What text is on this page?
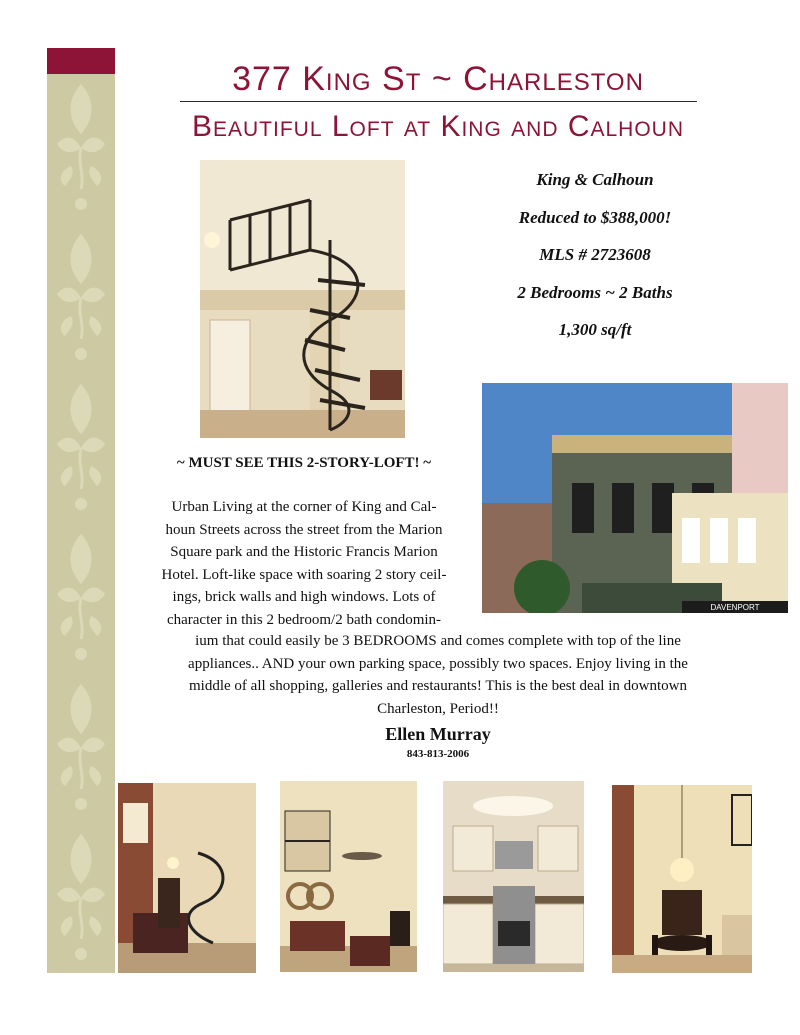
377 King St ~ Charleston
Beautiful Loft at King and Calhoun
King & Calhoun
Reduced to $388,000!
MLS # 2723608
2 Bedrooms ~ 2 Baths
1,300 sq/ft
DAVENPORT
~ MUST SEE THIS 2-STORY-LOFT! ~
Urban Living at the corner of King and Cal-
houn Streets across the street from the Marion
Square park and the Historic Francis Marion
Hotel. Loft-like space with soaring 2 story ceil-
ings, brick walls and high windows. Lots of
character in this 2 bedroom/2 bath condomin-
ium that could easily be 3 BEDROOMS and comes complete with top of the line
appliances.. AND your own parking space, possibly two spaces. Enjoy living in the
middle of all shopping, galleries and restaurants! This is the best deal in downtown
Charleston, Period!!
Ellen Murray
843-813-2006
